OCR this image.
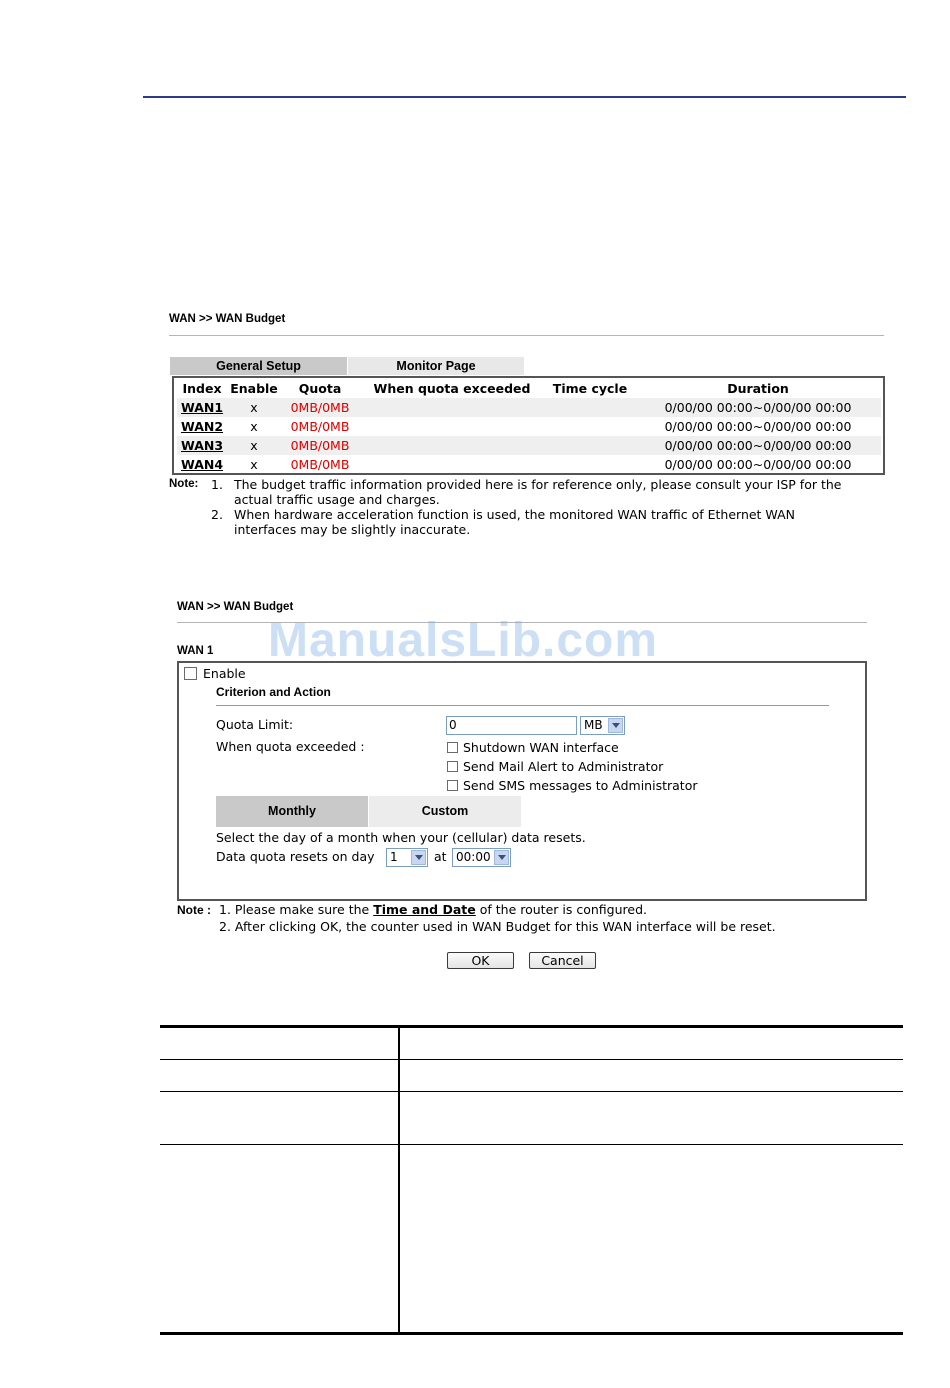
WAN >> WAN Budget
General Setup	Monitor Page
Index	Enable	Quota	When quota exceeded	Time cycle	Duration
WAN1	x	0MB/0MB			0/00/00 00:00~0/00/00 00:00
WAN2	x	0MB/0MB			0/00/00 00:00~0/00/00 00:00
WAN3	x	0MB/0MB			0/00/00 00:00~0/00/00 00:00
WAN4	x	0MB/0MB			0/00/00 00:00~0/00/00 00:00
Note: 1. The budget traffic information provided here is for reference only, please consult your ISP for the
actual traffic usage and charges.
2. When hardware acceleration function is used, the monitored WAN traffic of Ethernet WAN
interfaces may be slightly inaccurate.
WAN >> WAN Budget
WAN 1
Enable
Criterion and Action
Quota Limit:	0	MB
When quota exceeded :	Shutdown WAN interface
Send Mail Alert to Administrator
Send SMS messages to Administrator
Monthly	Custom
Select the day of a month when your (cellular) data resets.
Data quota resets on day	1	at 00:00
Note : 1. Please make sure the Time and Date of the router is configured.
2. After clicking OK, the counter used in WAN Budget for this WAN interface will be reset.
OK	Cancel
ManualsLib.com
